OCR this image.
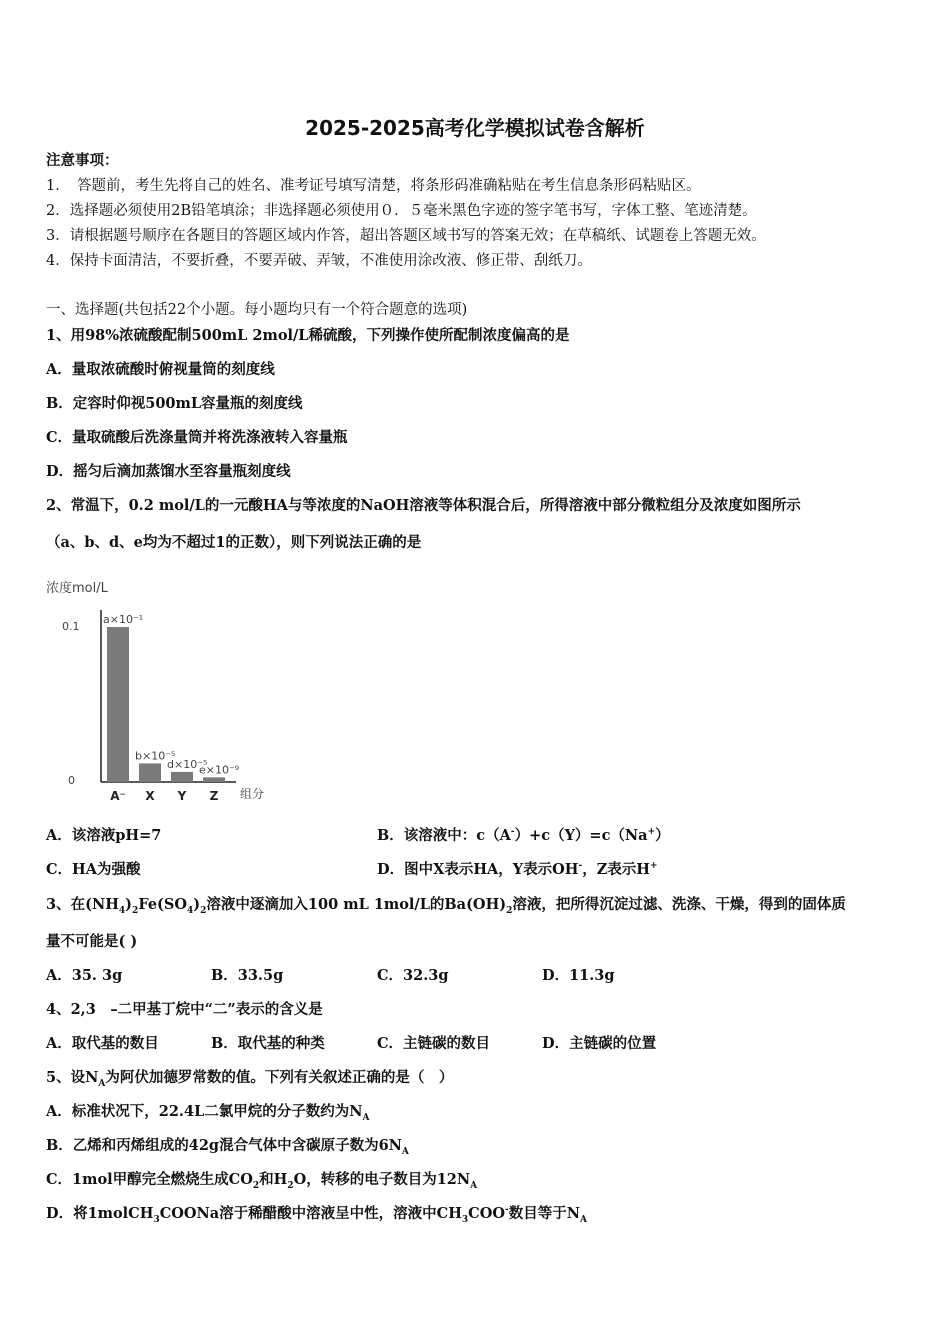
2025-2025高考化学模拟试卷含解析
注意事项：
1．　答题前，考生先将自己的姓名、准考证号填写清楚，将条形码准确粘贴在考生信息条形码粘贴区。
2．选择题必须使用2B铅笔填涂；非选择题必须使用０．５毫米黑色字迹的签字笔书写，字体工整、笔迹清楚。
3．请根据题号顺序在各题目的答题区域内作答，超出答题区域书写的答案无效；在草稿纸、试题卷上答题无效。
4．保持卡面清洁，不要折叠，不要弄破、弄皱，不准使用涂改液、修正带、刮纸刀。
一、选择题(共包括22个小题。每小题均只有一个符合题意的选项)
1、用98%浓硫酸配制500mL 2mol/L稀硫酸，下列操作使所配制浓度偏高的是
A．量取浓硫酸时俯视量筒的刻度线
B．定容时仰视500mL容量瓶的刻度线
C．量取硫酸后洗涤量筒并将洗涤液转入容量瓶
D．摇匀后滴加蒸馏水至容量瓶刻度线
2、常温下，0.2 mol/L的一元酸HA与等浓度的NaOH溶液等体积混合后，所得溶液中部分微粒组分及浓度如图所示
（a、b、d、e均为不超过1的正数），则下列说法正确的是
浓度mol/L
0.1
0
组分
a×10⁻¹
A⁻
b×10⁻⁵
X
d×10⁻⁵
Y
e×10⁻⁹
Z
A．该溶液pH=7	B．该溶液中：c（A-）+c（Y）=c（Na+）
C．HA为强酸	D．图中X表示HA，Y表示OH-，Z表示H+
3、在$(NH_4)_2Fe(SO_4)_2$溶液中逐滴加入100 mL 1mol/L的$Ba(OH)_2$溶液，把所得沉淀过滤、洗涤、干燥，得到的固体质
量不可能是( )
A．35. 3g	B．33.5g	C．32.3g	D．11.3g
4、2,3　–二甲基丁烷中“二”表示的含义是
A．取代基的数目	B．取代基的种类	C．主链碳的数目	D．主链碳的位置
5、设$N_A$为阿伏加德罗常数的值。下列有关叙述正确的是（　）
A．标准状况下，22.4L二氯甲烷的分子数约为$N_A$
B．乙烯和丙烯组成的42g混合气体中含碳原子数为$6N_A$
C．1mol甲醇完全燃烧生成$CO_2$和$H_2O$，转移的电子数目为$12N_A$
D．将1molCH$_3$COONa溶于稀醋酸中溶液呈中性，溶液中$CH_3COO^-$数目等于$N_A$
